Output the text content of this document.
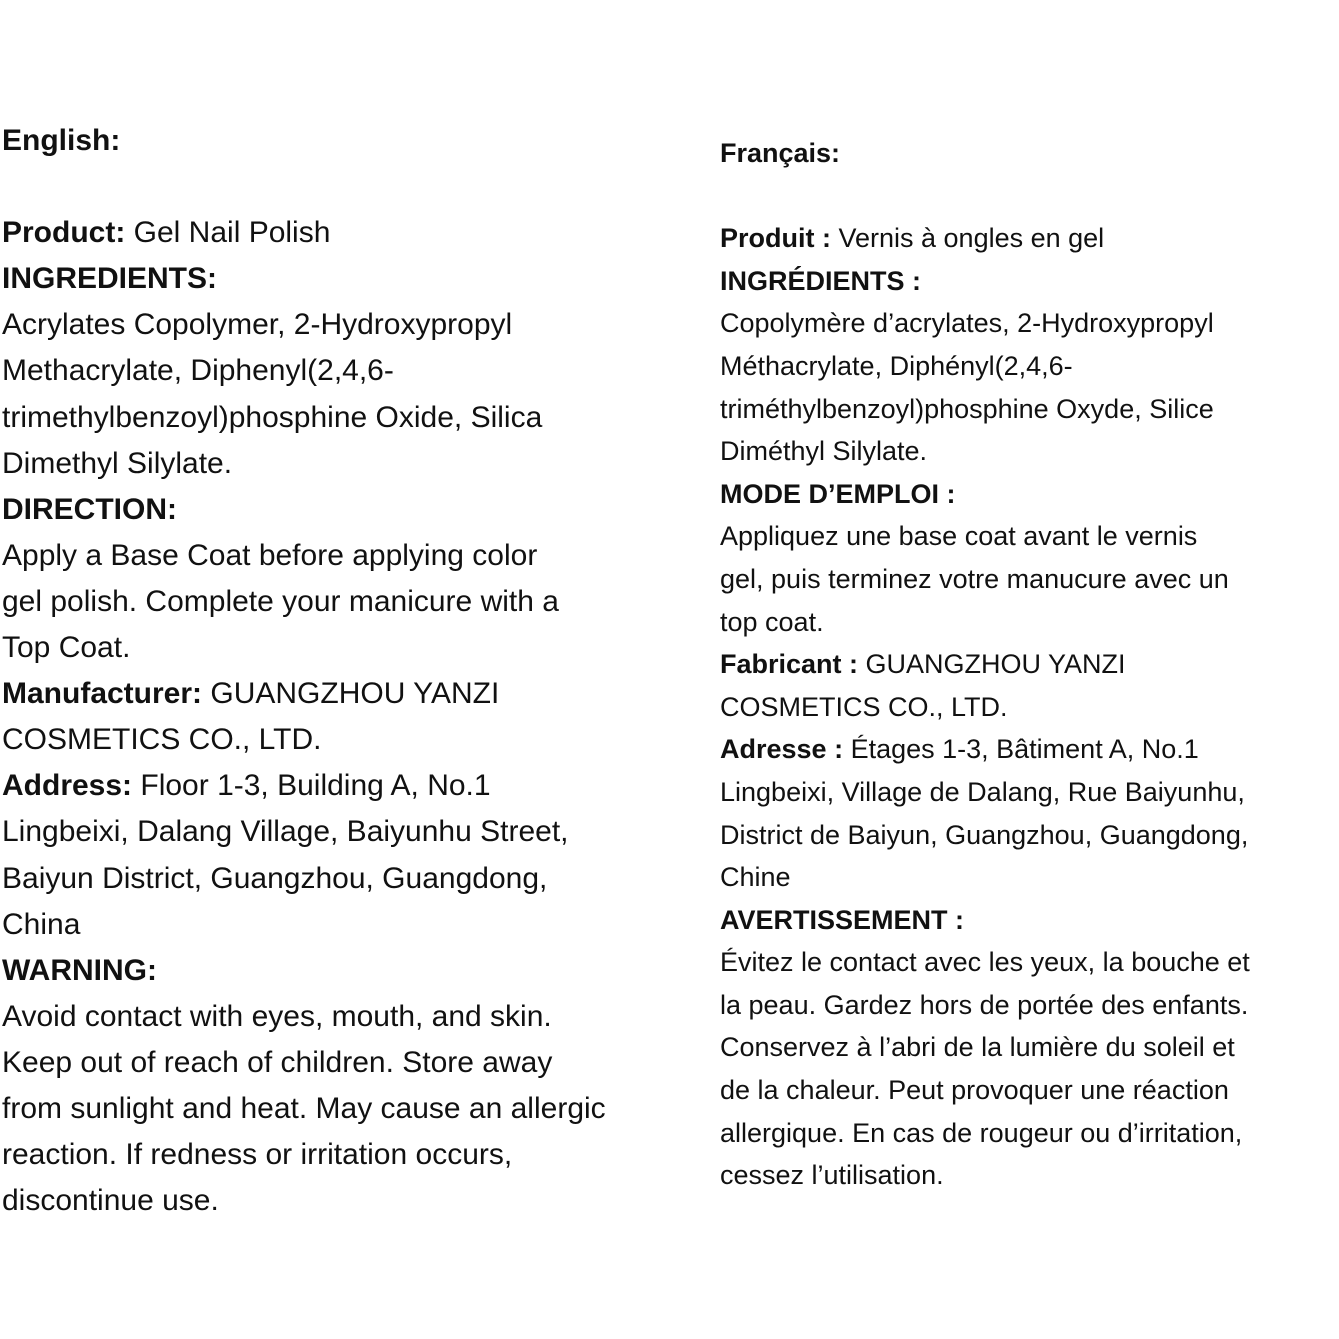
English:
Product: Gel Nail Polish
INGREDIENTS:
Acrylates Copolymer, 2-Hydroxypropyl
Methacrylate, Diphenyl(2,4,6-
trimethylbenzoyl)phosphine Oxide, Silica
Dimethyl Silylate.
DIRECTION:
Apply a Base Coat before applying color
gel polish. Complete your manicure with a
Top Coat.
Manufacturer: GUANGZHOU YANZI
COSMETICS CO., LTD.
Address: Floor 1-3, Building A, No.1
Lingbeixi, Dalang Village, Baiyunhu Street,
Baiyun District, Guangzhou, Guangdong,
China
WARNING:
Avoid contact with eyes, mouth, and skin.
Keep out of reach of children. Store away
from sunlight and heat. May cause an allergic
reaction. If redness or irritation occurs,
discontinue use.
Français:
Produit : Vernis à ongles en gel
INGRÉDIENTS :
Copolymère d’acrylates, 2-Hydroxypropyl
Méthacrylate, Diphényl(2,4,6-
triméthylbenzoyl)phosphine Oxyde, Silice
Diméthyl Silylate.
MODE D’EMPLOI :
Appliquez une base coat avant le vernis
gel, puis terminez votre manucure avec un
top coat.
Fabricant : GUANGZHOU YANZI
COSMETICS CO., LTD.
Adresse : Étages 1-3, Bâtiment A, No.1
Lingbeixi, Village de Dalang, Rue Baiyunhu,
District de Baiyun, Guangzhou, Guangdong,
Chine
AVERTISSEMENT :
Évitez le contact avec les yeux, la bouche et
la peau. Gardez hors de portée des enfants.
Conservez à l’abri de la lumière du soleil et
de la chaleur. Peut provoquer une réaction
allergique. En cas de rougeur ou d’irritation,
cessez l’utilisation.
